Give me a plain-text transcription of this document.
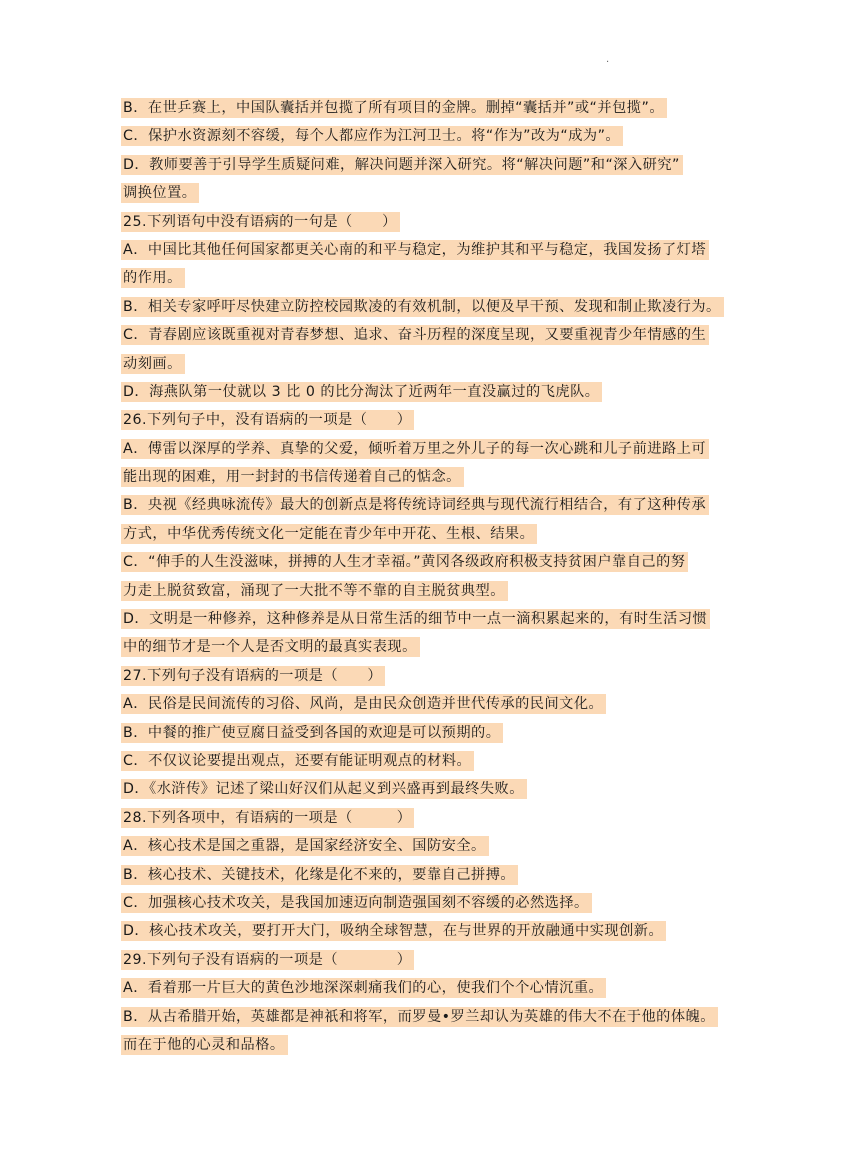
.
B．在世乒赛上，中国队囊括并包揽了所有项目的金牌。删掉“囊括并”或“并包揽”。
C．保护水资源刻不容缓，每个人都应作为江河卫士。将“作为”改为“成为”。
D．教师要善于引导学生质疑问难，解决问题并深入研究。将“解决问题”和“深入研究”
调换位置。
25.下列语句中没有语病的一句是（　　）
A．中国比其他任何国家都更关心南的和平与稳定，为维护其和平与稳定，我国发扬了灯塔
的作用。
B．相关专家呼吁尽快建立防控校园欺凌的有效机制，以便及早干预、发现和制止欺凌行为。
C．青春剧应该既重视对青春梦想、追求、奋斗历程的深度呈现，又要重视青少年情感的生
动刻画。
D．海燕队第一仗就以 3 比 0 的比分淘汰了近两年一直没赢过的飞虎队。
26.下列句子中，没有语病的一项是（　　）
A．傅雷以深厚的学养、真挚的父爱，倾听着万里之外儿子的每一次心跳和儿子前进路上可
能出现的困难，用一封封的书信传递着自己的惦念。
B．央视《经典咏流传》最大的创新点是将传统诗词经典与现代流行相结合，有了这种传承
方式，中华优秀传统文化一定能在青少年中开花、生根、结果。
C．“伸手的人生没滋味，拼搏的人生才幸福。”黄冈各级政府积极支持贫困户靠自己的努
力走上脱贫致富，涌现了一大批不等不靠的自主脱贫典型。
D．文明是一种修养，这种修养是从日常生活的细节中一点一滴积累起来的，有时生活习惯
中的细节才是一个人是否文明的最真实表现。
27.下列句子没有语病的一项是（　　）
A．民俗是民间流传的习俗、风尚，是由民众创造并世代传承的民间文化。
B．中餐的推广使豆腐日益受到各国的欢迎是可以预期的。
C．不仅议论要提出观点，还要有能证明观点的材料。
D．《水浒传》记述了梁山好汉们从起义到兴盛再到最终失败。
28.下列各项中，有语病的一项是（　　　）
A．核心技术是国之重器，是国家经济安全、国防安全。
B．核心技术、关键技术，化缘是化不来的，要靠自己拼搏。
C．加强核心技术攻关，是我国加速迈向制造强国刻不容缓的必然选择。
D．核心技术攻关，要打开大门，吸纳全球智慧，在与世界的开放融通中实现创新。
29.下列句子没有语病的一项是（　　　　）
A．看着那一片巨大的黄色沙地深深刺痛我们的心，使我们个个心情沉重。
B．从古希腊开始，英雄都是神祇和将军，而罗曼•罗兰却认为英雄的伟大不在于他的体魄。
而在于他的心灵和品格。
